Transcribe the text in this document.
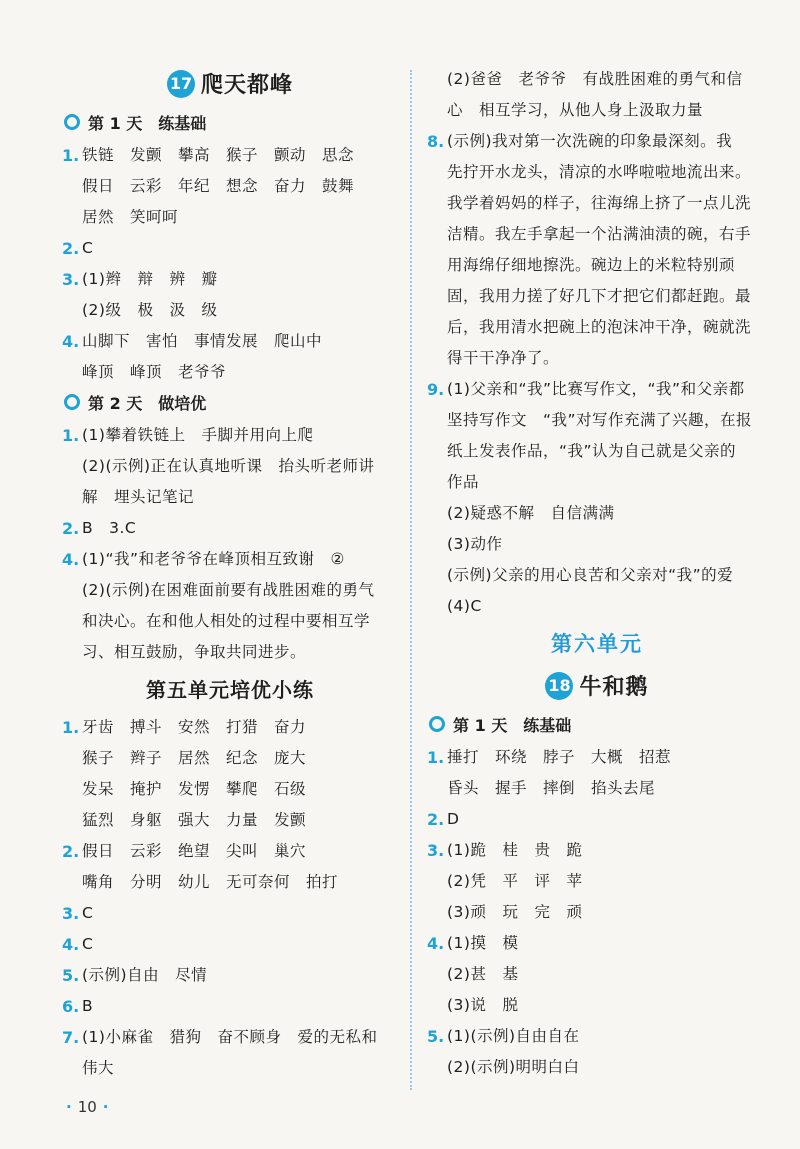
17 爬天都峰
第 1 天　练基础
1. 铁链　发颤　攀高　猴子　颤动　思念
假日　云彩　年纪　想念　奋力　鼓舞
居然　笑呵呵
2. C
3. (1)辫　辩　辨　瓣
(2)级　极　汲　级
4. 山脚下　害怕　事情发展　爬山中
峰顶　峰顶　老爷爷
第 2 天　做培优
1. (1)攀着铁链上　手脚并用向上爬
(2)(示例)正在认真地听课　抬头听老师讲
解　埋头记笔记
2. B　3.C
4. (1)“我”和老爷爷在峰顶相互致谢　②
(2)(示例)在困难面前要有战胜困难的勇气
和决心。在和他人相处的过程中要相互学
习、相互鼓励，争取共同进步。
第五单元培优小练
1. 牙齿　搏斗　安然　打猎　奋力
猴子　辫子　居然　纪念　庞大
发呆　掩护　发愣　攀爬　石级
猛烈　身躯　强大　力量　发颤
2. 假日　云彩　绝望　尖叫　巢穴
嘴角　分明　幼儿　无可奈何　拍打
3. C
4. C
5. (示例)自由　尽情
6. B
7. (1)小麻雀　猎狗　奋不顾身　爱的无私和
伟大
(2)爸爸　老爷爷　有战胜困难的勇气和信
心　相互学习，从他人身上汲取力量
8. (示例)我对第一次洗碗的印象最深刻。我
先拧开水龙头，清凉的水哗啦啦地流出来。
我学着妈妈的样子，往海绵上挤了一点儿洗
洁精。我左手拿起一个沾满油渍的碗，右手
用海绵仔细地擦洗。碗边上的米粒特别顽
固，我用力搓了好几下才把它们都赶跑。最
后，我用清水把碗上的泡沫冲干净，碗就洗
得干干净净了。
9. (1)父亲和“我”比赛写作文，“我”和父亲都
坚持写作文　“我”对写作充满了兴趣，在报
纸上发表作品，“我”认为自己就是父亲的
作品
(2)疑惑不解　自信满满
(3)动作
(示例)父亲的用心良苦和父亲对“我”的爱
(4)C
第六单元
18 牛和鹅
第 1 天　练基础
1. 捶打　环绕　脖子　大概　招惹
昏头　握手　摔倒　掐头去尾
2. D
3. (1)跪　桂　贵　跪
(2)凭　平　评　苹
(3)顽　玩　完　顽
4. (1)摸　模
(2)甚　基
(3)说　脱
5. (1)(示例)自由自在
(2)(示例)明明白白
· 10 ·
